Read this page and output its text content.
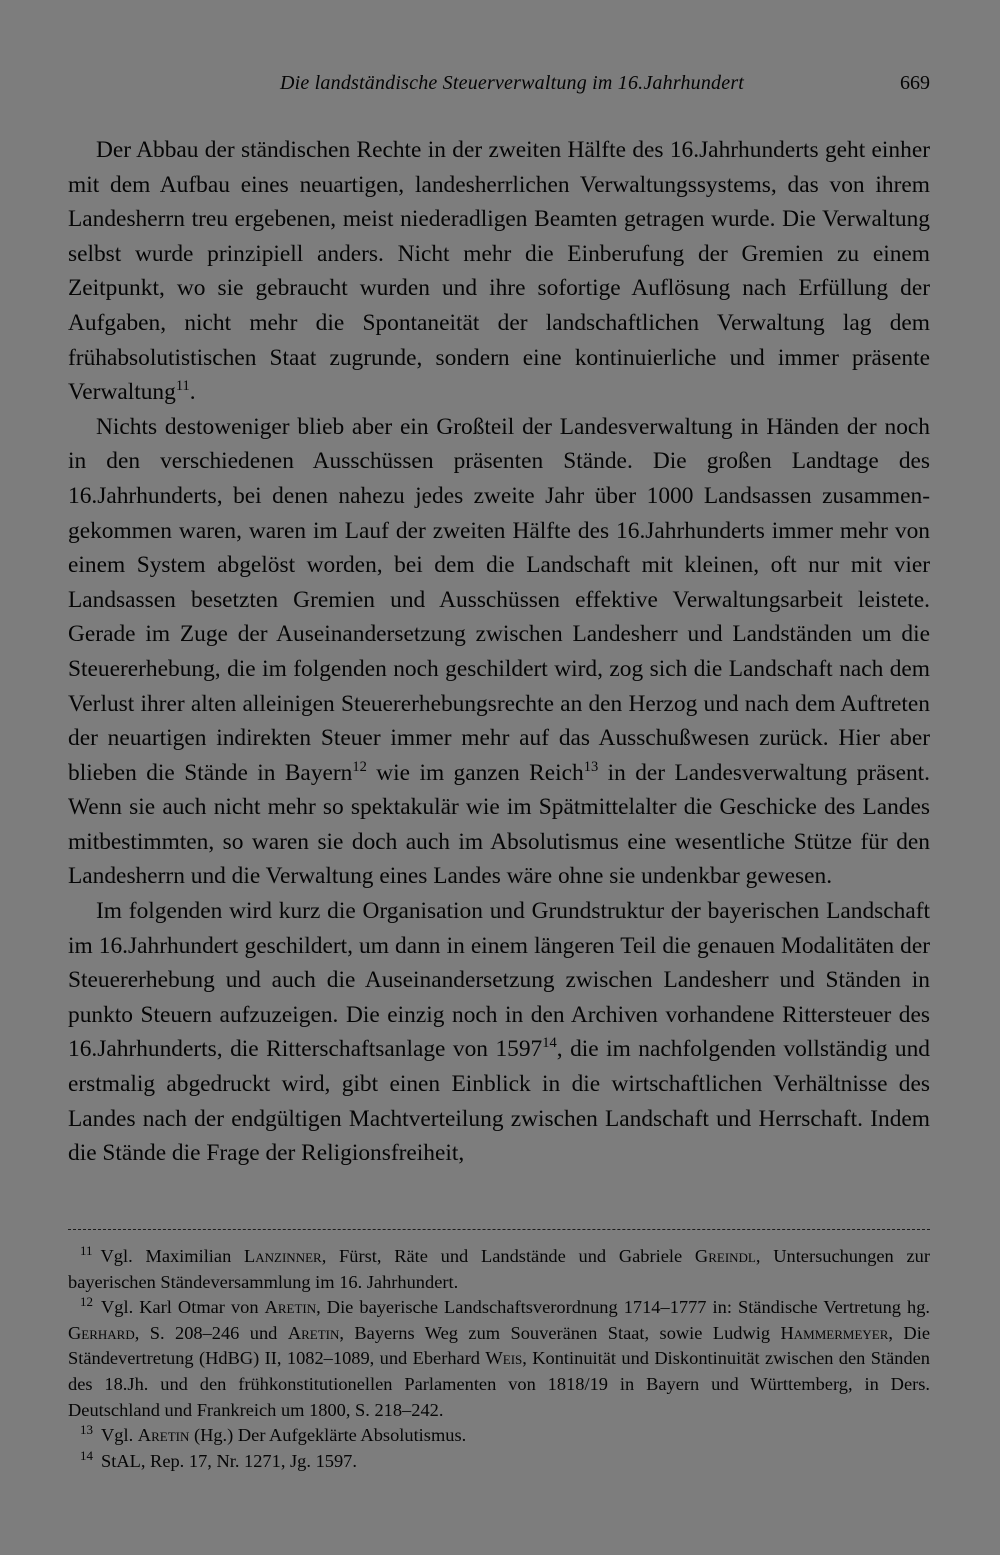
Die landständische Steuerverwaltung im 16.Jahrhundert	669

Der Abbau der ständischen Rechte in der zweiten Hälfte des 16.Jahrhunderts geht einher mit dem Aufbau eines neuartigen, landesherrlichen Verwaltungssystems, das von ihrem Landesherrn treu ergebenen, meist niederadligen Beamten getragen wurde. Die Verwaltung selbst wurde prinzipiell anders. Nicht mehr die Einberufung der Gremien zu einem Zeitpunkt, wo sie gebraucht wurden und ihre sofortige Auflösung nach Erfüllung der Aufgaben, nicht mehr die Spontaneität der landschaftlichen Verwaltung lag dem frühabsolutistischen Staat zugrunde, sondern eine kontinuierliche und immer präsente Verwaltung$^{11}$.

Nichts destoweniger blieb aber ein Großteil der Landesverwaltung in Händen der noch in den verschiedenen Ausschüssen präsenten Stände. Die großen Landtage des 16.Jahrhunderts, bei denen nahezu jedes zweite Jahr über 1000 Landsassen zusammengekommen waren, waren im Lauf der zweiten Hälfte des 16.Jahrhunderts immer mehr von einem System abgelöst worden, bei dem die Landschaft mit kleinen, oft nur mit vier Landsassen besetzten Gremien und Ausschüssen effektive Verwaltungsarbeit leistete. Gerade im Zuge der Auseinandersetzung zwischen Landesherr und Landständen um die Steuererhebung, die im folgenden noch geschildert wird, zog sich die Landschaft nach dem Verlust ihrer alten alleinigen Steuererhebungsrechte an den Herzog und nach dem Auftreten der neuartigen indirekten Steuer immer mehr auf das Ausschußwesen zurück. Hier aber blieben die Stände in Bayern$^{12}$ wie im ganzen Reich$^{13}$ in der Landesverwaltung präsent. Wenn sie auch nicht mehr so spektakulär wie im Spätmittelalter die Geschicke des Landes mitbestimmten, so waren sie doch auch im Absolutismus eine wesentliche Stütze für den Landesherrn und die Verwaltung eines Landes wäre ohne sie undenkbar gewesen.

Im folgenden wird kurz die Organisation und Grundstruktur der bayerischen Landschaft im 16.Jahrhundert geschildert, um dann in einem längeren Teil die genauen Modalitäten der Steuererhebung und auch die Auseinandersetzung zwischen Landesherr und Ständen in punkto Steuern aufzuzeigen. Die einzig noch in den Archiven vorhandene Rittersteuer des 16.Jahrhunderts, die Ritterschaftsanlage von 1597$^{14}$, die im nachfolgenden vollständig und erstmalig abgedruckt wird, gibt einen Einblick in die wirtschaftlichen Verhältnisse des Landes nach der endgültigen Machtverteilung zwischen Landschaft und Herrschaft. Indem die Stände die Frage der Religionsfreiheit,

$^{11}$ Vgl. Maximilian Lanzinner, Fürst, Räte und Landstände und Gabriele Greindl, Untersuchungen zur bayerischen Ständeversammlung im 16. Jahrhundert.

$^{12}$ Vgl. Karl Otmar von Aretin, Die bayerische Landschaftsverordnung 1714–1777 in: Ständische Vertretung hg. Gerhard, S. 208–246 und Aretin, Bayerns Weg zum Souveränen Staat, sowie Ludwig Hammermeyer, Die Ständevertretung (HdBG) II, 1082–1089, und Eberhard Weis, Kontinuität und Diskontinuität zwischen den Ständen des 18.Jh. und den frühkonstitutionellen Parlamenten von 1818/19 in Bayern und Württemberg, in Ders. Deutschland und Frankreich um 1800, S. 218–242.

$^{13}$ Vgl. Aretin (Hg.) Der Aufgeklärte Absolutismus.

$^{14}$ StAL, Rep. 17, Nr. 1271, Jg. 1597.
